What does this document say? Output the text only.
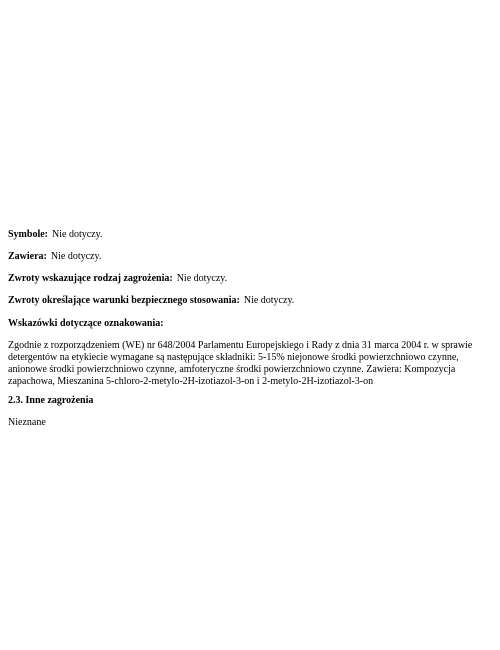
Symbole: Nie dotyczy.

Zawiera: Nie dotyczy.

Zwroty wskazujące rodzaj zagrożenia: Nie dotyczy.

Zwroty określające warunki bezpiecznego stosowania: Nie dotyczy.

Wskazówki dotyczące oznakowania:

Zgodnie z rozporządzeniem (WE) nr 648/2004 Parlamentu Europejskiego i Rady z dnia 31 marca 2004 r. w sprawie detergentów na etykiecie wymagane są następujące składniki: 5-15% niejonowe środki powierzchniowo czynne, anionowe środki powierzchniowo czynne, amfoteryczne środki powierzchniowo czynne. Zawiera: Kompozycja zapachowa, Mieszanina 5-chloro-2-metylo-2H-izotiazol-3-on i 2-metylo-2H-izotiazol-3-on

2.3. Inne zagrożenia

Nieznane
